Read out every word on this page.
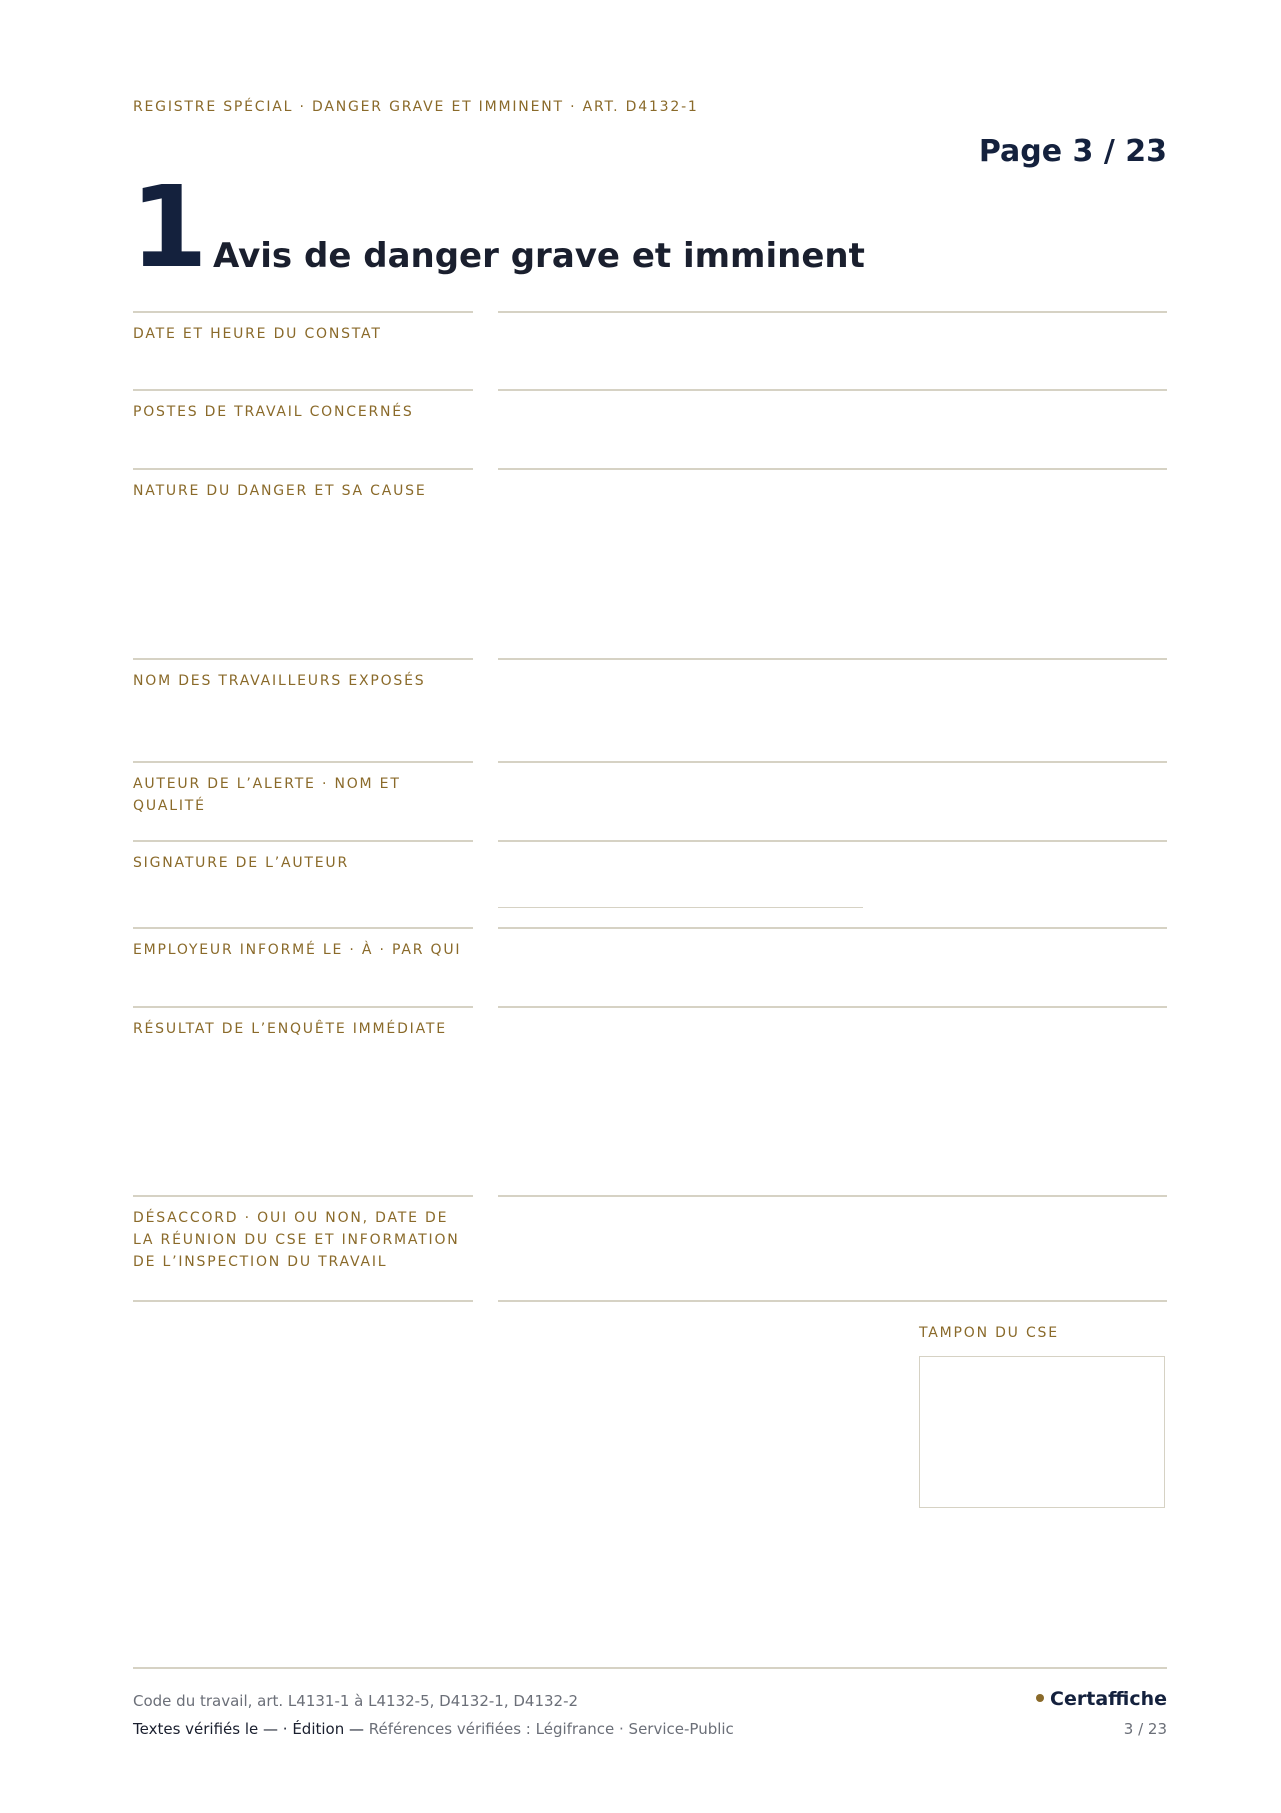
REGISTRE SPÉCIAL · DANGER GRAVE ET IMMINENT · ART. D4132-1
Page 3 / 23
1 Avis de danger grave et imminent
DATE ET HEURE DU CONSTAT
POSTES DE TRAVAIL CONCERNÉS
NATURE DU DANGER ET SA CAUSE
NOM DES TRAVAILLEURS EXPOSÉS
AUTEUR DE L’ALERTE · NOM ET QUALITÉ
SIGNATURE DE L’AUTEUR
EMPLOYEUR INFORMÉ LE · À · PAR QUI
RÉSULTAT DE L’ENQUÊTE IMMÉDIATE
DÉSACCORD · OUI OU NON, DATE DE LA RÉUNION DU CSE ET INFORMATION DE L’INSPECTION DU TRAVAIL
TAMPON DU CSE
Code du travail, art. L4131-1 à L4132-5, D4132-1, D4132-2
Textes vérifiés le — · Édition — Références vérifiées : Légifrance · Service-Public
Certaffiche
3 / 23
